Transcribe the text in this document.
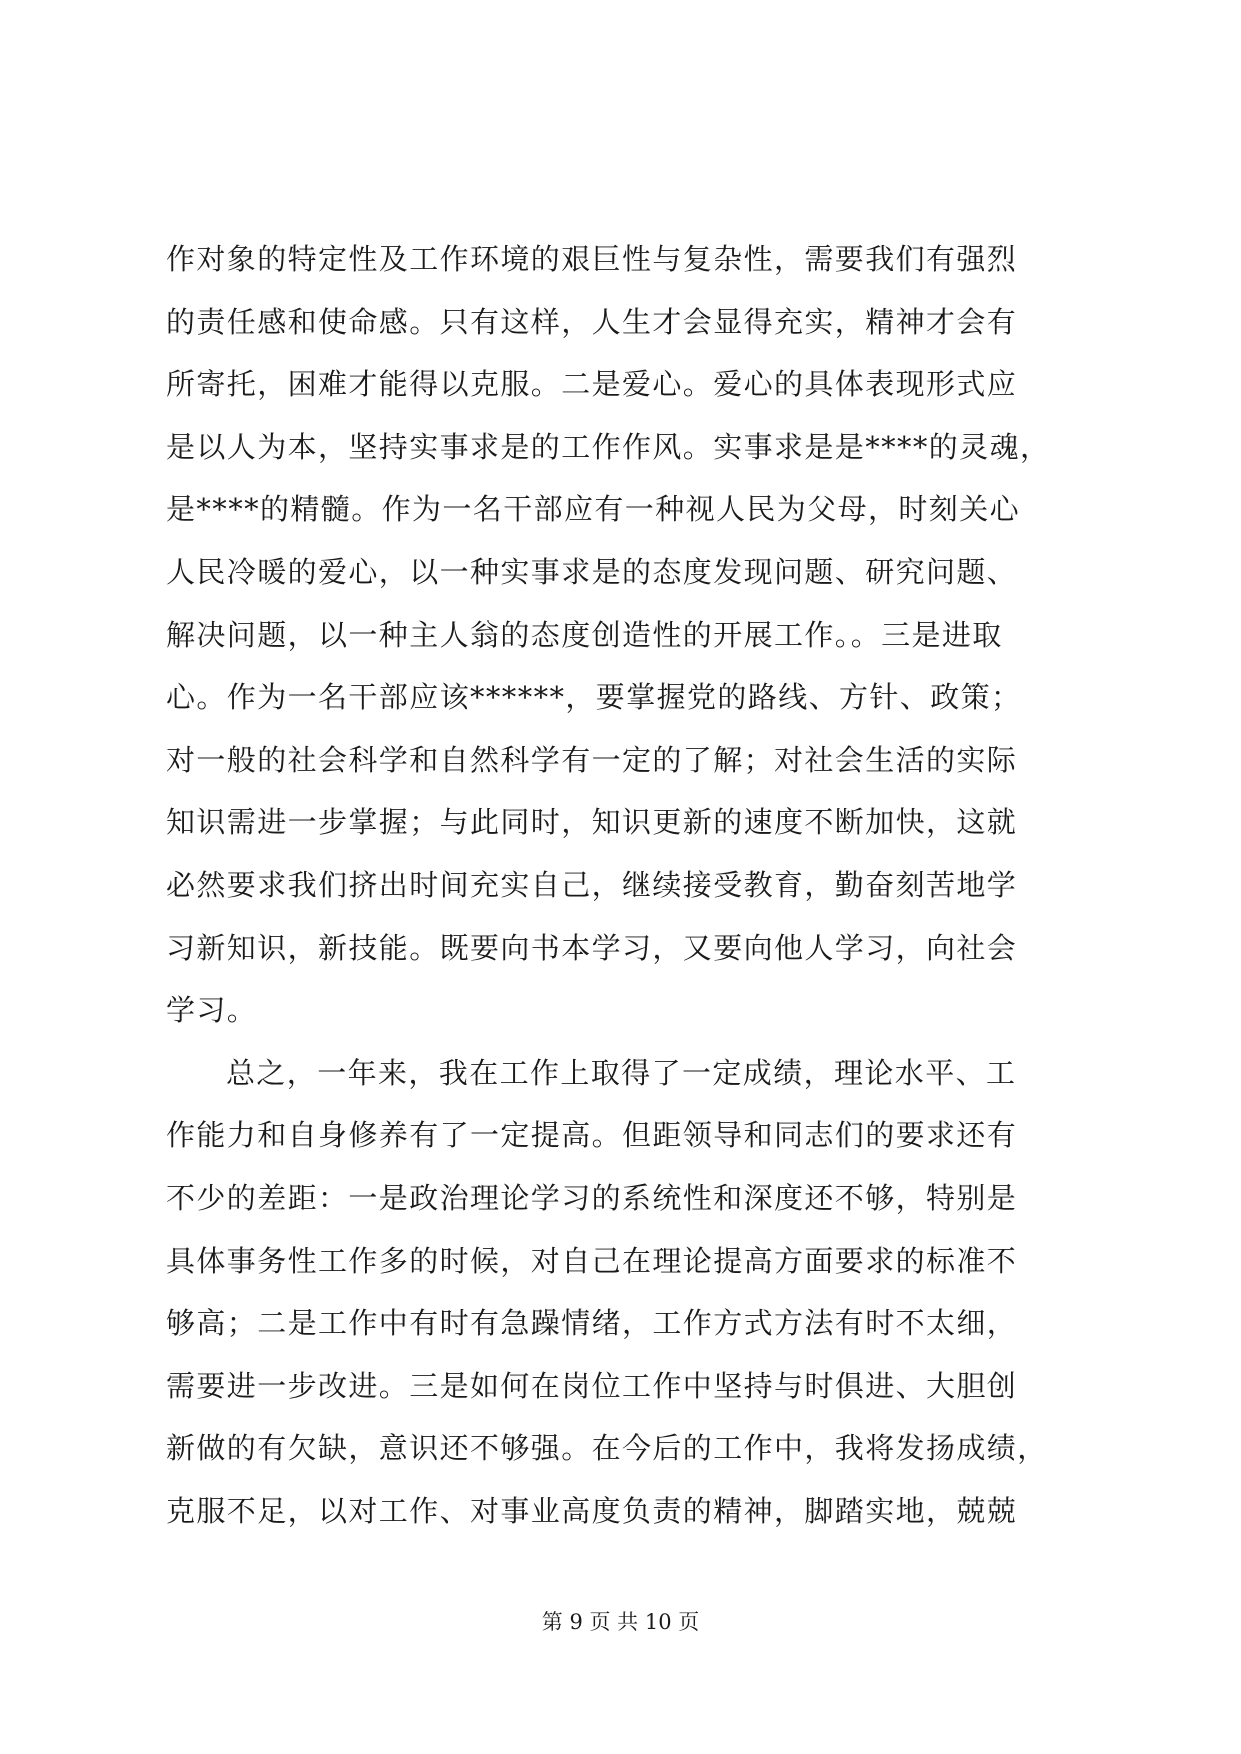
作对象的特定性及工作环境的艰巨性与复杂性，需要我们有强烈
的责任感和使命感。只有这样，人生才会显得充实，精神才会有
所寄托，困难才能得以克服。二是爱心。爱心的具体表现形式应
是以人为本，坚持实事求是的工作作风。实事求是是****的灵魂，
是****的精髓。作为一名干部应有一种视人民为父母，时刻关心
人民冷暖的爱心，以一种实事求是的态度发现问题、研究问题、
解决问题，以一种主人翁的态度创造性的开展工作。。三是进取
心。作为一名干部应该******，要掌握党的路线、方针、政策；
对一般的社会科学和自然科学有一定的了解；对社会生活的实际
知识需进一步掌握；与此同时，知识更新的速度不断加快，这就
必然要求我们挤出时间充实自己，继续接受教育，勤奋刻苦地学
习新知识，新技能。既要向书本学习，又要向他人学习，向社会
学习。
总之，一年来，我在工作上取得了一定成绩，理论水平、工
作能力和自身修养有了一定提高。但距领导和同志们的要求还有
不少的差距：一是政治理论学习的系统性和深度还不够，特别是
具体事务性工作多的时候，对自己在理论提高方面要求的标准不
够高；二是工作中有时有急躁情绪，工作方式方法有时不太细，
需要进一步改进。三是如何在岗位工作中坚持与时俱进、大胆创
新做的有欠缺，意识还不够强。在今后的工作中，我将发扬成绩，
克服不足，以对工作、对事业高度负责的精神，脚踏实地，兢兢
第 9 页 共 10 页
